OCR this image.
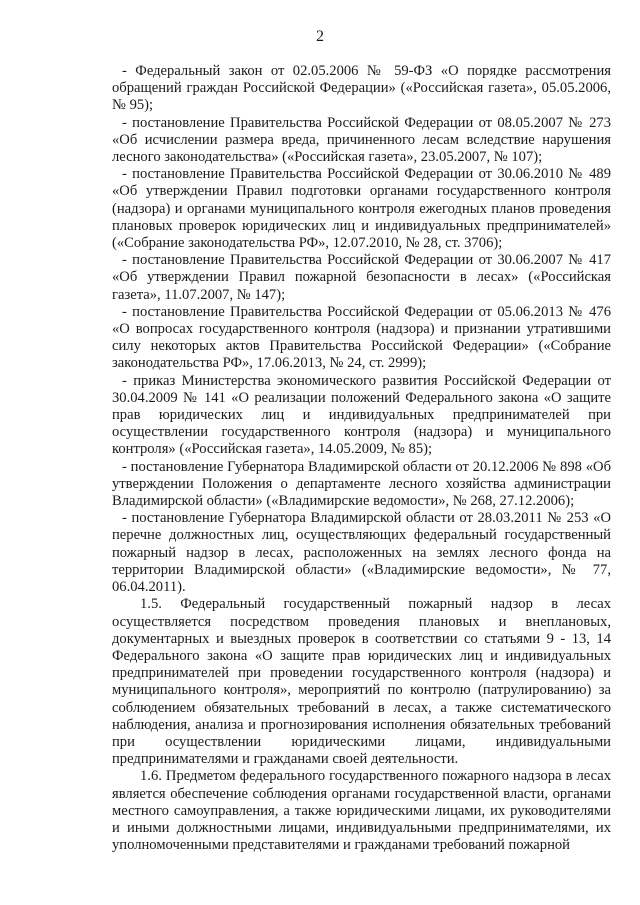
2

- Федеральный закон от 02.05.2006 № 59-ФЗ «О порядке рассмотрения обращений граждан Российской Федерации» («Российская газета», 05.05.2006, № 95);

- постановление Правительства Российской Федерации от 08.05.2007 № 273 «Об исчислении размера вреда, причиненного лесам вследствие нарушения лесного законодательства» («Российская газета», 23.05.2007, № 107);

- постановление Правительства Российской Федерации от 30.06.2010 № 489 «Об утверждении Правил подготовки органами государственного контроля (надзора) и органами муниципального контроля ежегодных планов проведения плановых проверок юридических лиц и индивидуальных предпринимателей» («Собрание законодательства РФ», 12.07.2010, № 28, ст. 3706);

- постановление Правительства Российской Федерации от 30.06.2007 № 417 «Об утверждении Правил пожарной безопасности в лесах» («Российская газета», 11.07.2007, № 147);

- постановление Правительства Российской Федерации от 05.06.2013 № 476 «О вопросах государственного контроля (надзора) и признании утратившими силу некоторых актов Правительства Российской Федерации» («Собрание законодательства РФ», 17.06.2013, № 24, ст. 2999);

- приказ Министерства экономического развития Российской Федерации от 30.04.2009 № 141 «О реализации положений Федерального закона «О защите прав юридических лиц и индивидуальных предпринимателей при осуществлении государственного контроля (надзора) и муниципального контроля» («Российская газета», 14.05.2009, № 85);

- постановление Губернатора Владимирской области от 20.12.2006 № 898 «Об утверждении Положения о департаменте лесного хозяйства администрации Владимирской области» («Владимирские ведомости», № 268, 27.12.2006);

- постановление Губернатора Владимирской области от 28.03.2011 № 253 «О перечне должностных лиц, осуществляющих федеральный государственный пожарный надзор в лесах, расположенных на землях лесного фонда на территории Владимирской области» («Владимирские ведомости», № 77, 06.04.2011).

1.5. Федеральный государственный пожарный надзор в лесах осуществляется посредством проведения плановых и внеплановых, документарных и выездных проверок в соответствии со статьями 9 - 13, 14 Федерального закона «О защите прав юридических лиц и индивидуальных предпринимателей при проведении государственного контроля (надзора) и муниципального контроля», мероприятий по контролю (патрулированию) за соблюдением обязательных требований в лесах, а также систематического наблюдения, анализа и прогнозирования исполнения обязательных требований при осуществлении юридическими лицами, индивидуальными предпринимателями и гражданами своей деятельности.

1.6. Предметом федерального государственного пожарного надзора в лесах является обеспечение соблюдения органами государственной власти, органами местного самоуправления, а также юридическими лицами, их руководителями и иными должностными лицами, индивидуальными предпринимателями, их уполномоченными представителями и гражданами требований пожарной
